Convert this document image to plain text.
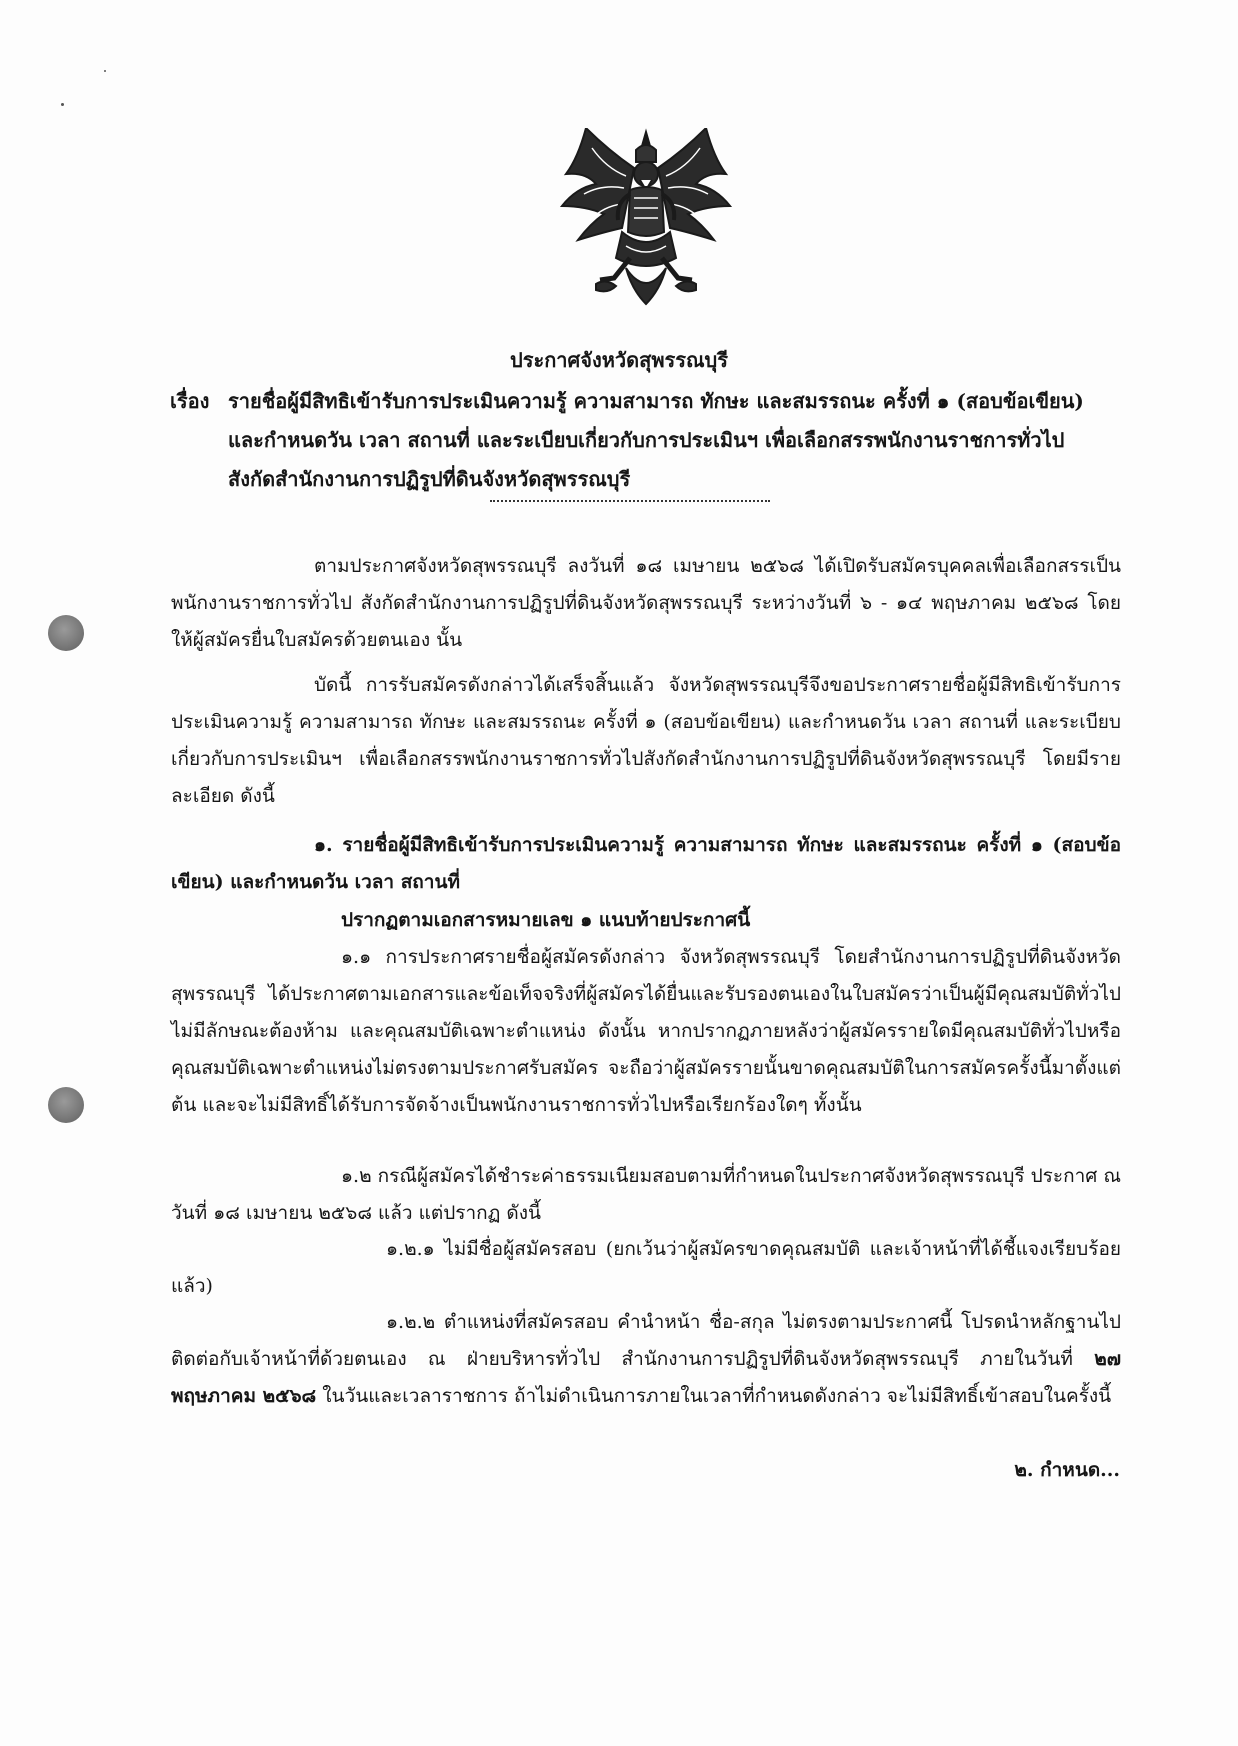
ประกาศจังหวัดสุพรรณบุรี
เรื่อง รายชื่อผู้มีสิทธิเข้ารับการประเมินความรู้ ความสามารถ ทักษะ และสมรรถนะ ครั้งที่ ๑ (สอบข้อเขียน)
และกำหนดวัน เวลา สถานที่ และระเบียบเกี่ยวกับการประเมินฯ เพื่อเลือกสรรพนักงานราชการทั่วไป
สังกัดสำนักงานการปฏิรูปที่ดินจังหวัดสุพรรณบุรี
ตามประกาศจังหวัดสุพรรณบุรี ลงวันที่ ๑๘ เมษายน ๒๕๖๘ ได้เปิดรับสมัครบุคคลเพื่อเลือกสรรเป็นพนักงานราชการทั่วไป สังกัดสำนักงานการปฏิรูปที่ดินจังหวัดสุพรรณบุรี ระหว่างวันที่ ๖ - ๑๔ พฤษภาคม ๒๕๖๘ โดยให้ผู้สมัครยื่นใบสมัครด้วยตนเอง นั้น
บัดนี้ การรับสมัครดังกล่าวได้เสร็จสิ้นแล้ว จังหวัดสุพรรณบุรีจึงขอประกาศรายชื่อผู้มีสิทธิเข้ารับการประเมินความรู้ ความสามารถ ทักษะ และสมรรถนะ ครั้งที่ ๑ (สอบข้อเขียน) และกำหนดวัน เวลา สถานที่ และระเบียบเกี่ยวกับการประเมินฯ เพื่อเลือกสรรพนักงานราชการทั่วไปสังกัดสำนักงานการปฏิรูปที่ดินจังหวัดสุพรรณบุรี โดยมีรายละเอียด ดังนี้
๑. รายชื่อผู้มีสิทธิเข้ารับการประเมินความรู้ ความสามารถ ทักษะ และสมรรถนะ ครั้งที่ ๑ (สอบข้อเขียน) และกำหนดวัน เวลา สถานที่
ปรากฏตามเอกสารหมายเลข ๑ แนบท้ายประกาศนี้
๑.๑ การประกาศรายชื่อผู้สมัครดังกล่าว จังหวัดสุพรรณบุรี โดยสำนักงานการปฏิรูปที่ดินจังหวัดสุพรรณบุรี ได้ประกาศตามเอกสารและข้อเท็จจริงที่ผู้สมัครได้ยื่นและรับรองตนเองในใบสมัครว่าเป็นผู้มีคุณสมบัติทั่วไป ไม่มีลักษณะต้องห้าม และคุณสมบัติเฉพาะตำแหน่ง ดังนั้น หากปรากฏภายหลังว่าผู้สมัครรายใดมีคุณสมบัติทั่วไปหรือคุณสมบัติเฉพาะตำแหน่งไม่ตรงตามประกาศรับสมัคร จะถือว่าผู้สมัครรายนั้นขาดคุณสมบัติในการสมัครครั้งนี้มาตั้งแต่ต้น และจะไม่มีสิทธิ์ได้รับการจัดจ้างเป็นพนักงานราชการทั่วไปหรือเรียกร้องใดๆ ทั้งนั้น
๑.๒ กรณีผู้สมัครได้ชำระค่าธรรมเนียมสอบตามที่กำหนดในประกาศจังหวัดสุพรรณบุรี ประกาศ ณ วันที่ ๑๘ เมษายน ๒๕๖๘ แล้ว แต่ปรากฏ ดังนี้
๑.๒.๑ ไม่มีชื่อผู้สมัครสอบ (ยกเว้นว่าผู้สมัครขาดคุณสมบัติ และเจ้าหน้าที่ได้ชี้แจงเรียบร้อยแล้ว)
๑.๒.๒ ตำแหน่งที่สมัครสอบ คำนำหน้า ชื่อ-สกุล ไม่ตรงตามประกาศนี้ โปรดนำหลักฐานไปติดต่อกับเจ้าหน้าที่ด้วยตนเอง ณ ฝ่ายบริหารทั่วไป สำนักงานการปฏิรูปที่ดินจังหวัดสุพรรณบุรี ภายในวันที่ ๒๗ พฤษภาคม ๒๕๖๘ ในวันและเวลาราชการ ถ้าไม่ดำเนินการภายในเวลาที่กำหนดดังกล่าว จะไม่มีสิทธิ์เข้าสอบในครั้งนี้
๒. กำหนด...
